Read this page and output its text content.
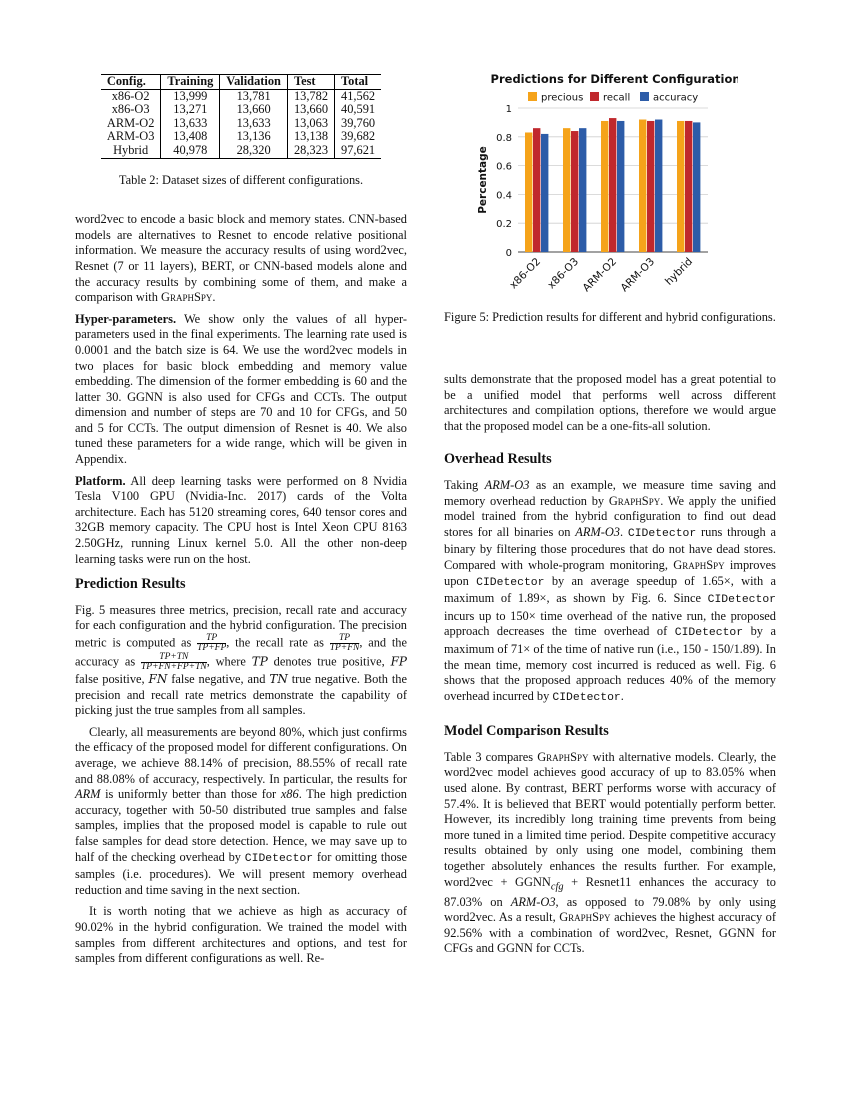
Config.	Training	Validation	Test	Total
x86-O2	13,999	13,781	13,782	41,562
x86-O3	13,271	13,660	13,660	40,591
ARM-O2	13,633	13,633	13,063	39,760
ARM-O3	13,408	13,136	13,138	39,682
Hybrid	40,978	28,320	28,323	97,621
Table 2: Dataset sizes of different configurations.

word2vec to encode a basic block and memory states. CNN-based models are alternatives to Resnet to encode relative positional information. We measure the accuracy results of using word2vec, Resnet (7 or 11 layers), BERT, or CNN-based models alone and the accuracy results by combining some of them, and make a comparison with GraphSpy.

Hyper-parameters. We show only the values of all hyper-parameters used in the final experiments. The learning rate used is 0.0001 and the batch size is 64. We use the word2vec models in two places for basic block embedding and memory value embedding. The dimension of the former embedding is 60 and the latter 30. GGNN is also used for CFGs and CCTs. The output dimension and number of steps are 70 and 10 for CFGs, and 50 and 5 for CCTs. The output dimension of Resnet is 40. We also tuned these parameters for a wide range, which will be given in Appendix.

Platform. All deep learning tasks were performed on 8 Nvidia Tesla V100 GPU (Nvidia-Inc. 2017) cards of the Volta architecture. Each has 5120 streaming cores, 640 tensor cores and 32GB memory capacity. The CPU host is Intel Xeon CPU 8163 2.50GHz, running Linux kernel 5.0. All the other non-deep learning tasks were run on the host.

Prediction Results

Fig. 5 measures three metrics, precision, recall rate and accuracy for each configuration and the hybrid configuration. The precision metric is computed as $\frac{TP}{TP+FP}$ , the recall rate as $\frac{TP}{TP+FN}$ , and the accuracy as $\frac{TP+TN}{TP+FN+FP+TN}$ , where TP denotes true positive, FP false positive, FN false negative, and TN true negative. Both the precision and recall rate metrics demonstrate the capability of picking just the true samples from all samples.

Clearly, all measurements are beyond 80%, which just confirms the efficacy of the proposed model for different configurations. On average, we achieve 88.14% of precision, 88.55% of recall rate and 88.08% of accuracy, respectively. In particular, the results for ARM is uniformly better than those for x86. The high prediction accuracy, together with 50-50 distributed true samples and false samples, implies that the proposed model is capable to rule out false samples for dead store detection. Hence, we may save up to half of the checking overhead by CIDetector for omitting those samples (i.e. procedures). We will present memory overhead reduction and time saving in the next section.

It is worth noting that we achieve as high as accuracy of 90.02% in the hybrid configuration. We trained the model with samples from different architectures and options, and test for samples from different configurations as well. Re-

Predictions for Different Configurations
precious recall accuracy
0
0.2
0.4
0.6
0.8
1
Percentage
x86-O2 x86-O3 ARM-O2 ARM-O3 hybrid
Figure 5: Prediction results for different and hybrid configurations.

sults demonstrate that the proposed model has a great potential to be a unified model that performs well across different architectures and compilation options, therefore we would argue that the proposed model can be a one-fits-all solution.

Overhead Results

Taking ARM-O3 as an example, we measure time saving and memory overhead reduction by GraphSpy. We apply the unified model trained from the hybrid configuration to find out dead stores for all binaries on ARM-O3. CIDetector runs through a binary by filtering those procedures that do not have dead stores. Compared with whole-program monitoring, GraphSpy improves upon CIDetector by an average speedup of 1.65×, with a maximum of 1.89×, as shown by Fig. 6. Since CIDetector incurs up to 150× time overhead of the native run, the proposed approach decreases the time overhead of CIDetector by a maximum of 71× of the time of native run (i.e., 150 - 150/1.89). In the mean time, memory cost incurred is reduced as well. Fig. 6 shows that the proposed approach reduces 40% of the memory overhead incurred by CIDetector.

Model Comparison Results

Table 3 compares GraphSpy with alternative models. Clearly, the word2vec model achieves good accuracy of up to 83.05% when used alone. By contrast, BERT performs worse with accuracy of 57.4%. It is believed that BERT would potentially perform better. However, its incredibly long training time prevents from being more tuned in a limited time period. Despite competitive accuracy results obtained by only using one model, combining them together absolutely enhances the results further. For example, word2vec + $GGNN_{cfg}$ + Resnet11 enhances the accuracy to 87.03% on ARM-O3, as opposed to 79.08% by only using word2vec. As a result, GraphSpy achieves the highest accuracy of 92.56% with a combination of word2vec, Resnet, GGNN for CFGs and GGNN for CCTs.
